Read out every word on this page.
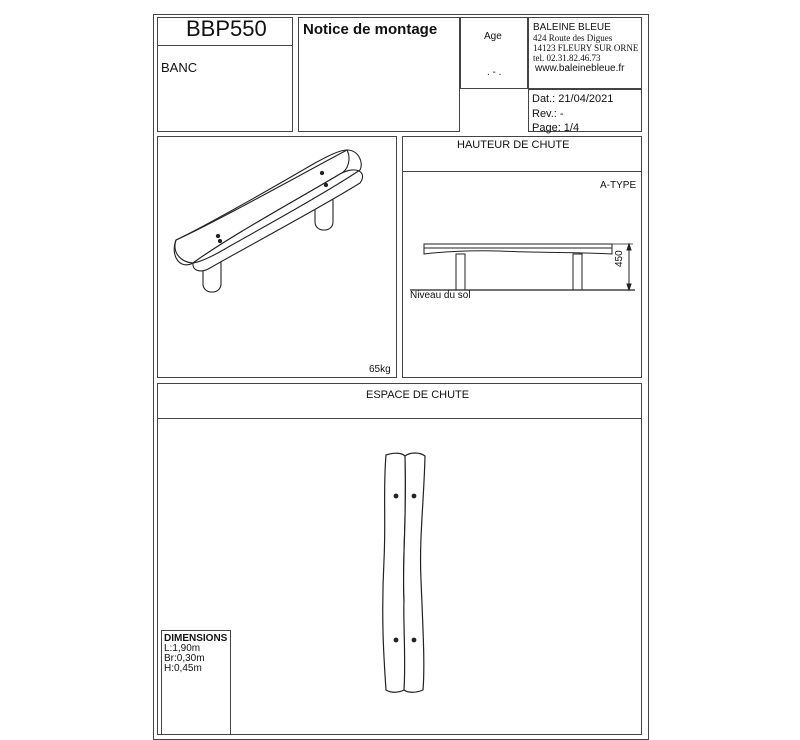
BBP550
BANC
Notice de montage	Age
. - .
BALEINE BLEUE
424 Route des Digues
14123 FLEURY SUR ORNE
tel. 02.31.82.46.73
www.baleinebleue.fr
Dat.: 21/04/2021
Rev.: -
Page: 1/4
65kg
HAUTEUR DE CHUTE
A-TYPE
Niveau du sol
450
ESPACE DE CHUTE
DIMENSIONS
L:1,90m
Br:0,30m
H:0,45m
